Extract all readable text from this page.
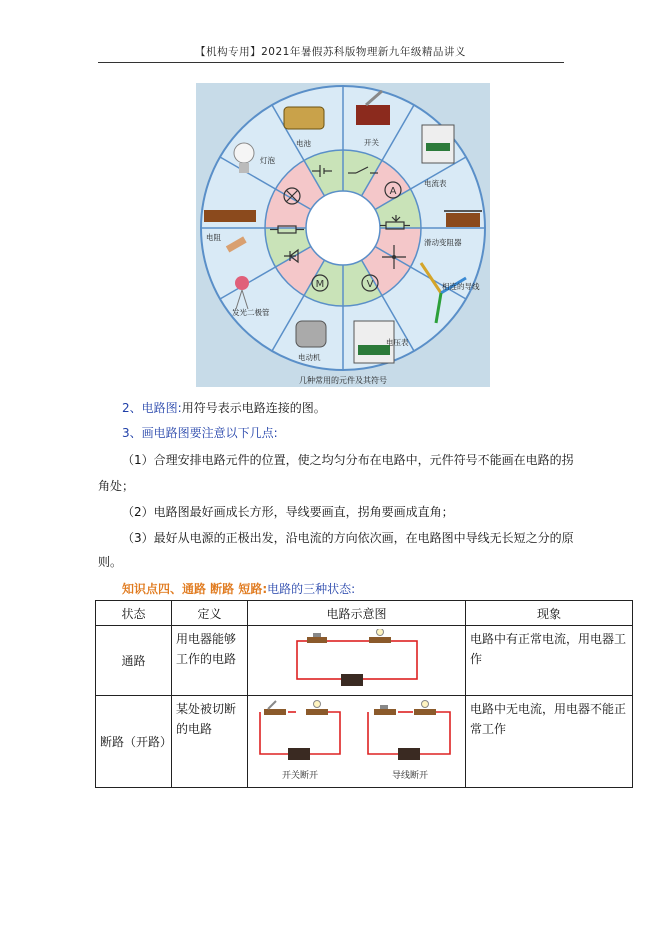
【机构专用】2021年暑假苏科版物理新九年级精品讲义
A
V
M
电池	开关
电流表
滑动变阻器
相连的导线
电压表
电动机
发光二极管
电阻
灯泡
几种常用的元件及其符号
2、电路图:用符号表示电路连接的图。
3、画电路图要注意以下几点:
（1）合理安排电路元件的位置，使之均匀分布在电路中，元件符号不能画在电路的拐
角处；
（2）电路图最好画成长方形，导线要画直，拐角要画成直角；
（3）最好从电源的正极出发，沿电流的方向依次画，在电路图中导线无长短之分的原
则。
知识点四、通路 断路 短路:电路的三种状态:
状态	定义	电路示意图	现象
通路	用电器能够工作的电路		电路中有正常电流，用电器工作
断路（开路）	某处被切断的电路	开关断开 导线断开	电路中无电流，用电器不能正常工作
